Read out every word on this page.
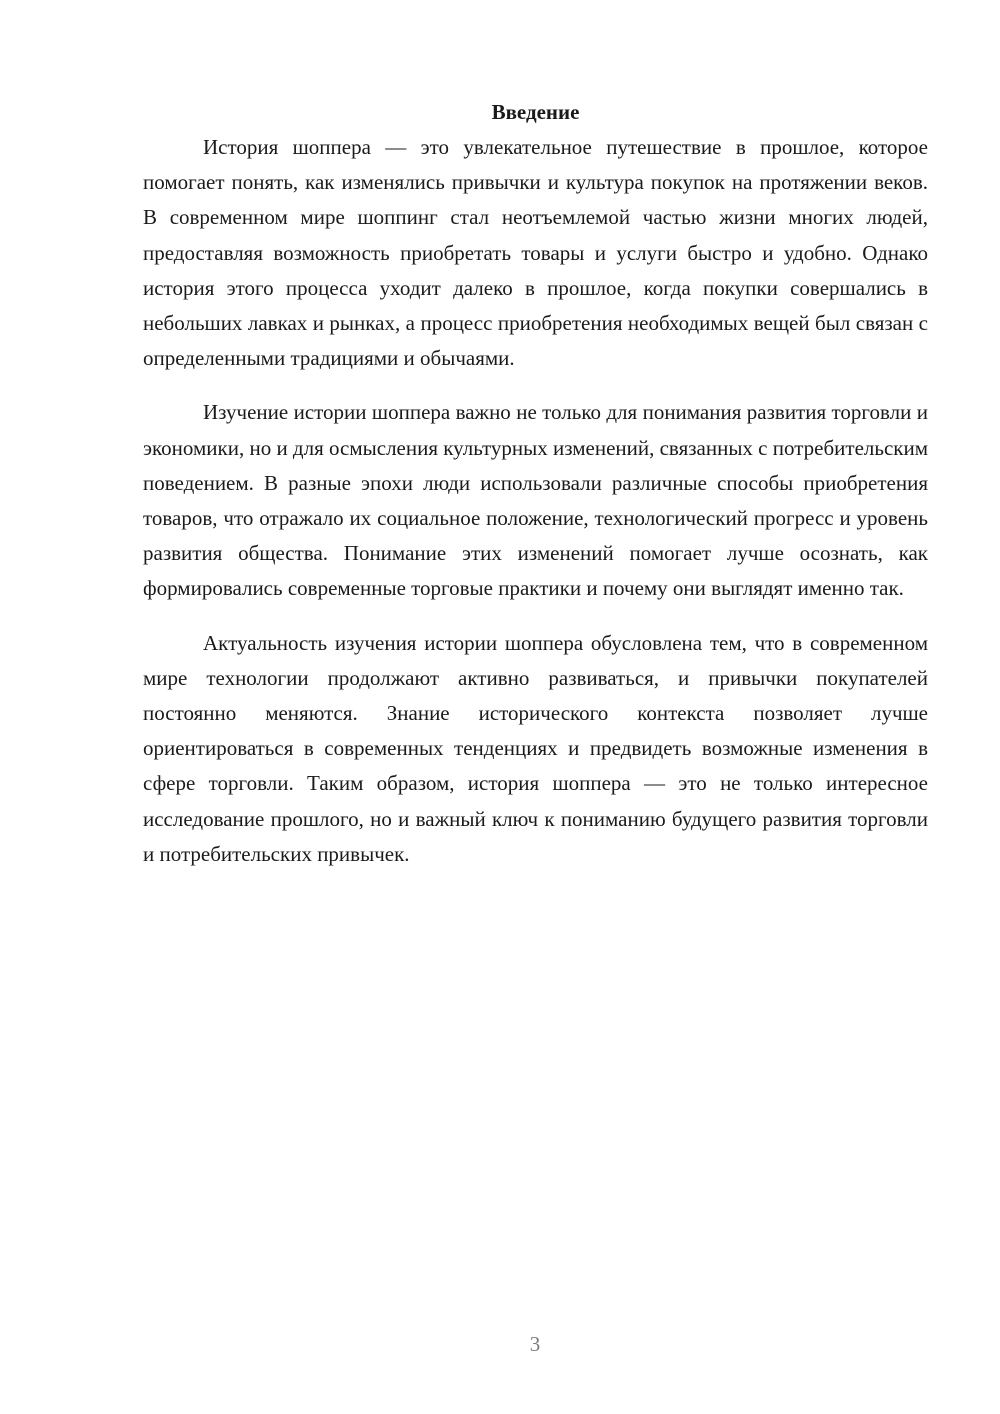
Введение

История шоппера — это увлекательное путешествие в прошлое, которое помогает понять, как изменялись привычки и культура покупок на протяжении веков. В современном мире шоппинг стал неотъемлемой частью жизни многих людей, предоставляя возможность приобретать товары и услуги быстро и удобно. Однако история этого процесса уходит далеко в прошлое, когда покупки совершались в небольших лавках и рынках, а процесс приобретения необходимых вещей был связан с определенными традициями и обычаями.

Изучение истории шоппера важно не только для понимания развития торговли и экономики, но и для осмысления культурных изменений, связанных с потребительским поведением. В разные эпохи люди использовали различные способы приобретения товаров, что отражало их социальное положение, технологический прогресс и уровень развития общества. Понимание этих изменений помогает лучше осознать, как формировались современные торговые практики и почему они выглядят именно так.

Актуальность изучения истории шоппера обусловлена тем, что в современном мире технологии продолжают активно развиваться, и привычки покупателей постоянно меняются. Знание исторического контекста позволяет лучше ориентироваться в современных тенденциях и предвидеть возможные изменения в сфере торговли. Таким образом, история шоппера — это не только интересное исследование прошлого, но и важный ключ к пониманию будущего развития торговли и потребительских привычек.

3
